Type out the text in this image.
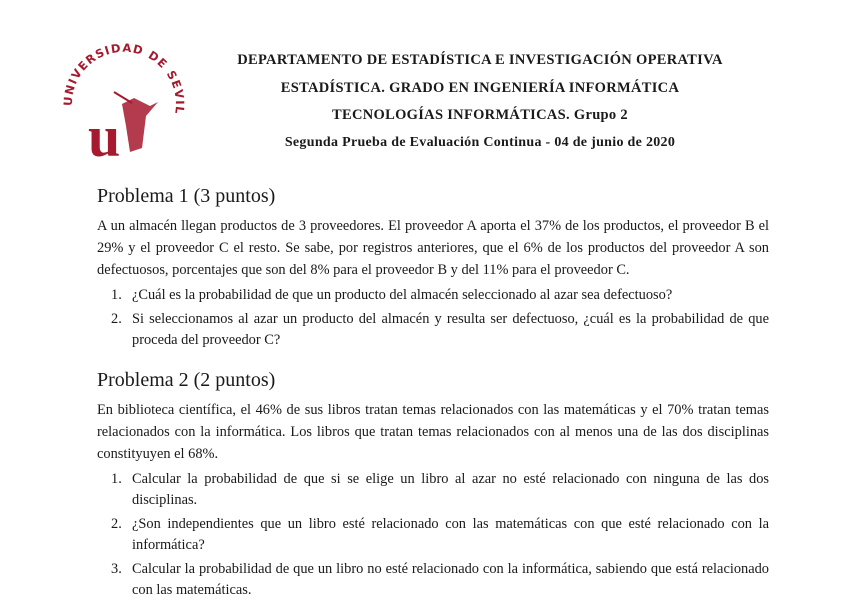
UNIVERSIDAD DE SEVIL
u
DEPARTAMENTO DE ESTADÍSTICA E INVESTIGACIÓN OPERATIVA
ESTADÍSTICA. GRADO EN INGENIERÍA INFORMÁTICA
TECNOLOGÍAS INFORMÁTICAS. Grupo 2
Segunda Prueba de Evaluación Continua - 04 de junio de 2020
Problema 1 (3 puntos)
A un almacén llegan productos de 3 proveedores. El proveedor A aporta el 37% de los productos, el proveedor B el 29% y el proveedor C el resto. Se sabe, por registros anteriores, que el 6% de los productos del proveedor A son defectuosos, porcentajes que son del 8% para el proveedor B y del 11% para el proveedor C.
1. ¿Cuál es la probabilidad de que un producto del almacén seleccionado al azar sea defectuoso?
2. Si seleccionamos al azar un producto del almacén y resulta ser defectuoso, ¿cuál es la probabilidad de que proceda del proveedor C?
Problema 2 (2 puntos)
En biblioteca científica, el 46% de sus libros tratan temas relacionados con las matemáticas y el 70% tratan temas relacionados con la informática. Los libros que tratan temas relacionados con al menos una de las dos disciplinas constityuyen el 68%.
1. Calcular la probabilidad de que si se elige un libro al azar no esté relacionado con ninguna de las dos disciplinas.
2. ¿Son independientes que un libro esté relacionado con las matemáticas con que esté relacionado con la informática?
3. Calcular la probabilidad de que un libro no esté relacionado con la informática, sabiendo que está relacionado con las matemáticas.
